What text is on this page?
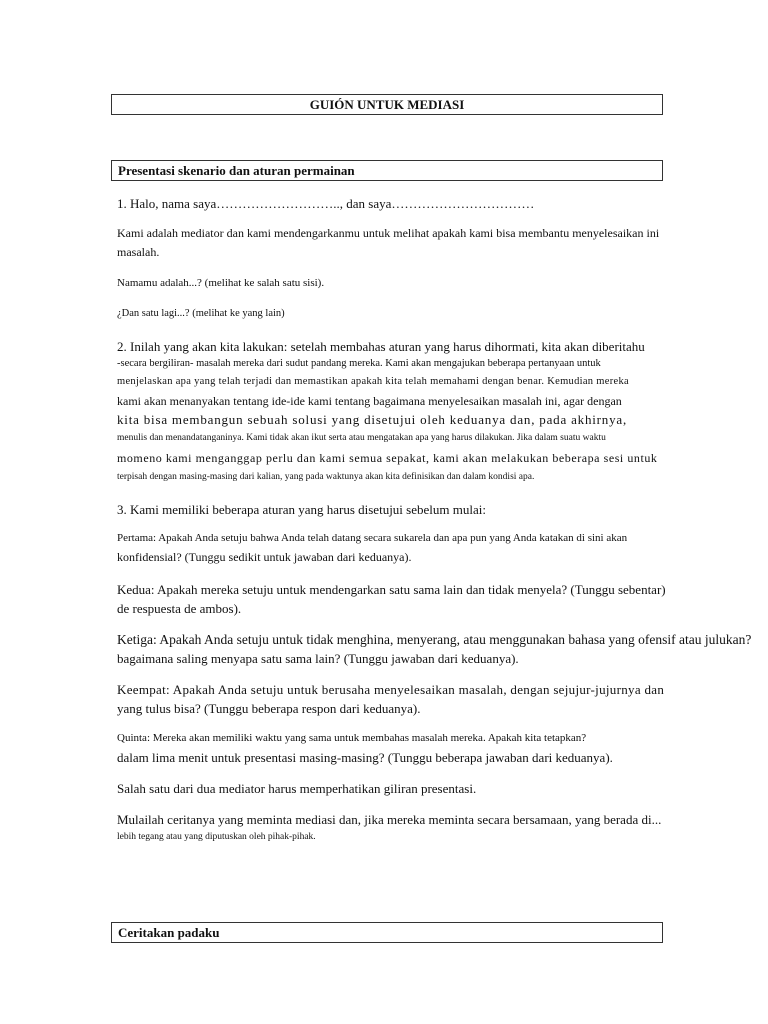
GUIÓN UNTUK MEDIASI
Presentasi skenario dan aturan permainan
1. Halo, nama saya……………………….., dan saya……………………………
Kami adalah mediator dan kami mendengarkanmu untuk melihat apakah kami bisa membantu menyelesaikan ini
masalah.
Namamu adalah...? (melihat ke salah satu sisi).
¿Dan satu lagi...? (melihat ke yang lain)
2. Inilah yang akan kita lakukan: setelah membahas aturan yang harus dihormati, kita akan diberitahu
-secara bergiliran- masalah mereka dari sudut pandang mereka. Kami akan mengajukan beberapa pertanyaan untuk
menjelaskan apa yang telah terjadi dan memastikan apakah kita telah memahami dengan benar. Kemudian mereka
kami akan menanyakan tentang ide-ide kami tentang bagaimana menyelesaikan masalah ini, agar dengan
kita bisa membangun sebuah solusi yang disetujui oleh keduanya dan, pada akhirnya,
menulis dan menandatanganinya. Kami tidak akan ikut serta atau mengatakan apa yang harus dilakukan. Jika dalam suatu waktu
momeno kami menganggap perlu dan kami semua sepakat, kami akan melakukan beberapa sesi untuk
terpisah dengan masing-masing dari kalian, yang pada waktunya akan kita definisikan dan dalam kondisi apa.
3. Kami memiliki beberapa aturan yang harus disetujui sebelum mulai:
Pertama: Apakah Anda setuju bahwa Anda telah datang secara sukarela dan apa pun yang Anda katakan di sini akan
konfidensial? (Tunggu sedikit untuk jawaban dari keduanya).
Kedua: Apakah mereka setuju untuk mendengarkan satu sama lain dan tidak menyela? (Tunggu sebentar)
de respuesta de ambos).
Ketiga: Apakah Anda setuju untuk tidak menghina, menyerang, atau menggunakan bahasa yang ofensif atau julukan?
bagaimana saling menyapa satu sama lain? (Tunggu jawaban dari keduanya).
Keempat: Apakah Anda setuju untuk berusaha menyelesaikan masalah, dengan sejujur-jujurnya dan
yang tulus bisa? (Tunggu beberapa respon dari keduanya).
Quinta: Mereka akan memiliki waktu yang sama untuk membahas masalah mereka. Apakah kita tetapkan?
dalam lima menit untuk presentasi masing-masing? (Tunggu beberapa jawaban dari keduanya).
Salah satu dari dua mediator harus memperhatikan giliran presentasi.
Mulailah ceritanya yang meminta mediasi dan, jika mereka meminta secara bersamaan, yang berada di...
lebih tegang atau yang diputuskan oleh pihak-pihak.
Ceritakan padaku
